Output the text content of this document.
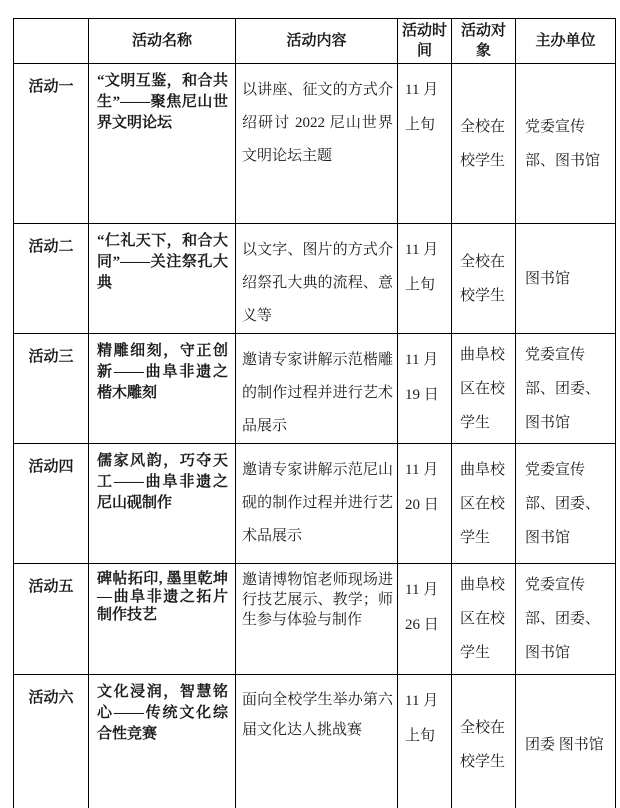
	活动名称	活动内容	活动时间	活动对象	主办单位
活动一	“文明互鉴，和合共生”——聚焦尼山世界文明论坛	以讲座、征文的方式介绍研讨 2022 尼山世界文明论坛主题	11 月 上旬	全校在校学生	党委宣传部、图书馆
活动二	“仁礼天下，和合大同”——关注祭孔大典	以文字、图片的方式介绍祭孔大典的流程、意义等	11 月 上旬	全校在校学生	图书馆
活动三	精雕细刻，守正创新——曲阜非遗之楷木雕刻	邀请专家讲解示范楷雕的制作过程并进行艺术品展示	11 月 19 日	曲阜校区在校学生	党委宣传部、团委、图书馆
活动四	儒家风韵，巧夺天工——曲阜非遗之尼山砚制作	邀请专家讲解示范尼山砚的制作过程并进行艺术品展示	11 月 20 日	曲阜校区在校学生	党委宣传部、团委、图书馆
活动五	碑帖拓印, 墨里乾坤—曲阜非遗之拓片制作技艺	邀请博物馆老师现场进行技艺展示、教学；师生参与体验与制作	11 月 26 日	曲阜校区在校学生	党委宣传部、团委、图书馆
活动六	文化浸润，智慧铭心——传统文化综合性竞赛	面向全校学生举办第六届文化达人挑战赛	11 月 上旬	全校在校学生	团委 图书馆
